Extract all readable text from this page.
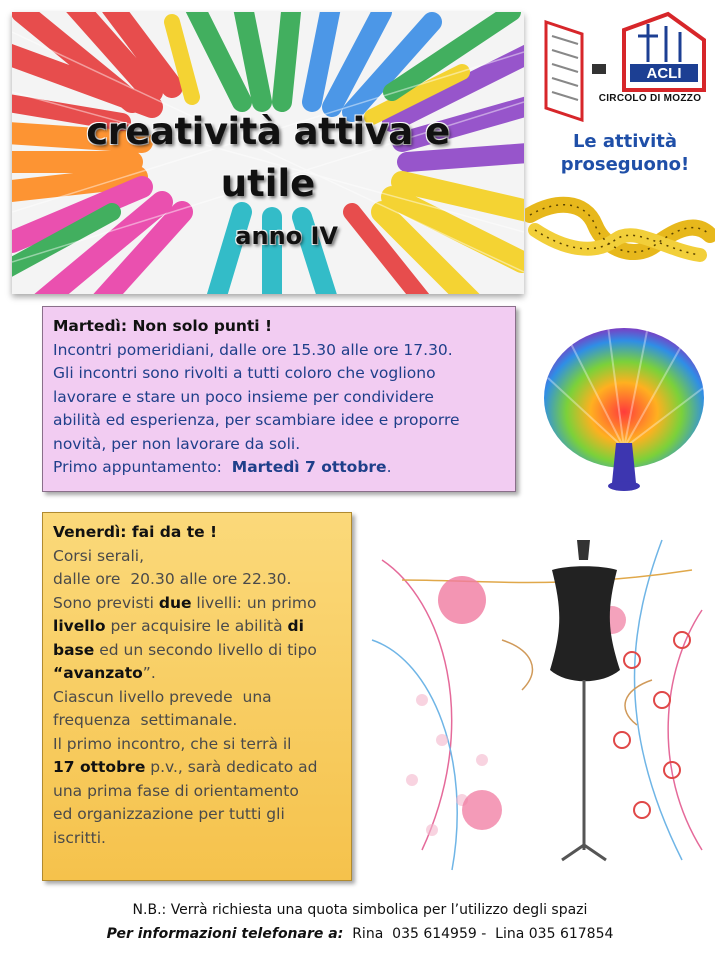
creatività attiva e
utile
anno IV
ACLI
CIRCOLO DI MOZZO
Le attività
proseguono!
Martedì: Non solo punti !
Incontri pomeridiani, dalle ore 15.30 alle ore 17.30.
Gli incontri sono rivolti a tutti coloro che vogliono
lavorare e stare un poco insieme per condividere
abilità ed esperienza, per scambiare idee e proporre
novità, per non lavorare da soli.
Primo appuntamento:  Martedì 7 ottobre.
Venerdì: fai da te !
Corsi serali,
dalle ore  20.30 alle ore 22.30.
Sono previsti due livelli: un primo
livello per acquisire le abilità di
base ed un secondo livello di tipo
“avanzato”.
Ciascun livello prevede  una
frequenza  settimanale.
Il primo incontro, che si terrà il
17 ottobre p.v., sarà dedicato ad
una prima fase di orientamento
ed organizzazione per tutti gli
iscritti.
N.B.: Verrà richiesta una quota simbolica per l’utilizzo degli spazi
Per informazioni telefonare a:  Rina  035 614959 -  Lina 035 617854
